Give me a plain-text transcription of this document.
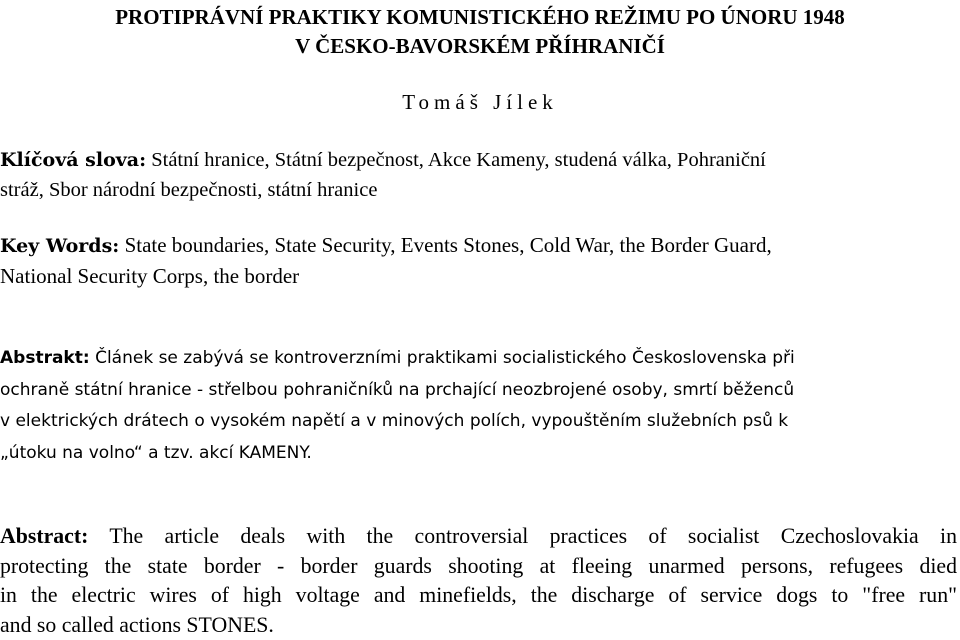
PROTIPRÁVNÍ PRAKTIKY KOMUNISTICKÉHO REŽIMU PO ÚNORU 1948
V ČESKO-BAVORSKÉM PŘÍHRANIČÍ
Tomáš Jílek
Klíčová slova: Státní hranice, Státní bezpečnost, Akce Kameny, studená válka, Pohraniční
stráž, Sbor národní bezpečnosti, státní hranice
Key Words: State boundaries, State Security, Events Stones, Cold War, the Border Guard,
National Security Corps, the border
Abstrakt: Článek se zabývá se kontroverzními praktikami socialistického Československa při
ochraně státní hranice - střelbou pohraničníků na prchající neozbrojené osoby, smrtí běženců
v elektrických drátech o vysokém napětí a v minových polích, vypouštěním služebních psů k
„útoku na volno“ a tzv. akcí KAMENY.
Abstract: The article deals with the controversial practices of socialist Czechoslovakia in
protecting the state border - border guards shooting at fleeing unarmed persons, refugees died
in the electric wires of high voltage and minefields, the discharge of service dogs to "free run"
and so called actions STONES.
